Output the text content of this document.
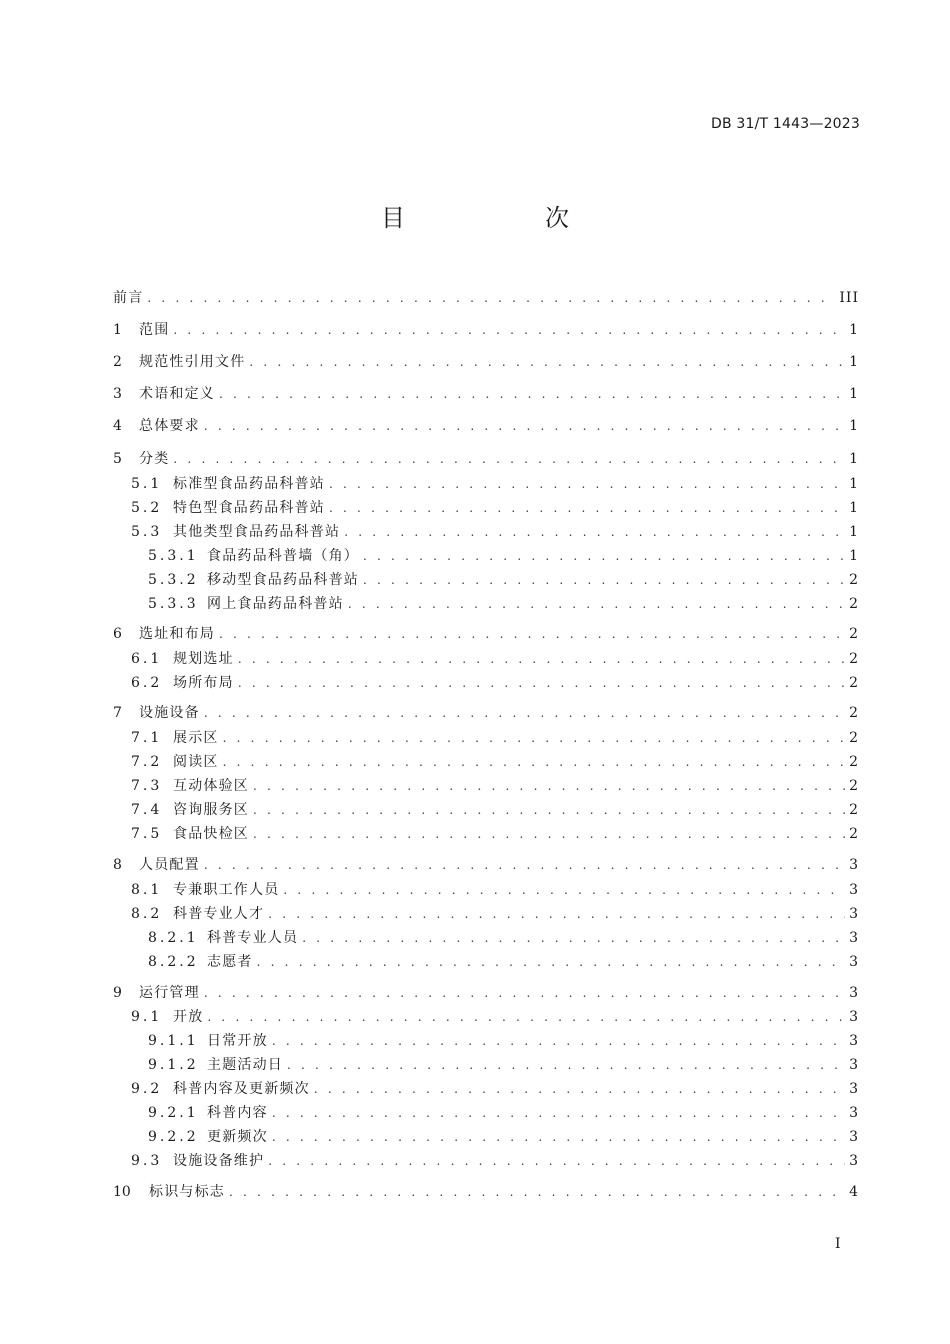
DB 31/T 1443—2023
目　次
前言 . . .	III
1	范围 . . .	1
2	规范性引用文件 . . .	1
3	术语和定义 . . .	1
4	总体要求 . . .	1
5	分类 . . .	1
5.1 标准型食品药品科普站 . . .	1
5.2 特色型食品药品科普站 . . .	1
5.3 其他类型食品药品科普站 . . .	1
5.3.1 食品药品科普墙（角） . . .	1
5.3.2 移动型食品药品科普站 . . .	2
5.3.3 网上食品药品科普站 . . .	2
6	选址和布局 . . .	2
6.1 规划选址 . . .	2
6.2 场所布局 . . .	2
7	设施设备 . . .	2
7.1 展示区 . . .	2
7.2 阅读区 . . .	2
7.3 互动体验区 . . .	2
7.4 咨询服务区 . . .	2
7.5 食品快检区 . . .	2
8	人员配置 . . .	3
8.1 专兼职工作人员 . . .	3
8.2 科普专业人才 . . .	3
8.2.1 科普专业人员 . . .	3
8.2.2 志愿者 . . .	3
9	运行管理 . . .	3
9.1 开放 . . .	3
9.1.1 日常开放 . . .	3
9.1.2 主题活动日 . . .	3
9.2 科普内容及更新频次 . . .	3
9.2.1 科普内容 . . .	3
9.2.2 更新频次 . . .	3
9.3 设施设备维护 . . .	3
10	标识与标志 . . .	4
I
